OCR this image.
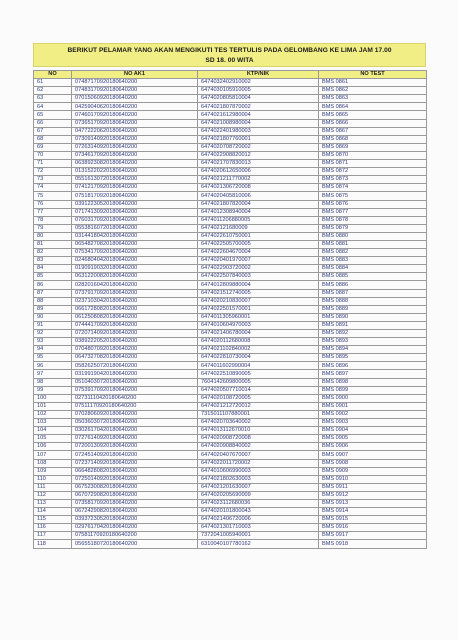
BERIKUT PELAMAR YANG AKAN MENGIKUTI TES TERTULIS PADA GELOMBANG KE LIMA JAM 17.00
SD 18. 00 WITA
NO	NO AK1	KTP/NIK	NO TEST
61	07487170920180640200	6474032402910002	BMS 0861
62	07483170920180640200	6474030105910005	BMS 0862
63	07015060920180640200	6474020805810004	BMS 0863
64	04259040620180640200	6474021807870002	BMS 0864
65	07460170920180640200	6474021612980004	BMS 0865
66	07365170920180640200	6474021008980004	BMS 0866
67	04772220620180640200	6474022401980003	BMS 0867
68	07309140920180640200	6474021807760001	BMS 0868
69	07263140920180640200	6474020708720002	BMS 0869
70	07346170920180640200	6474022908820012	BMS 0870
71	06389230820180640200	6474021707830013	BMS 0871
72	01315220220180640200	6474020612650006	BMS 0872
73	05516130720180640200	6474021211770002	BMS 0873
74	07412170920180640200	6474021306720008	BMS 0874
75	07518170920180640200	6474020405810006	BMS 0875
76	03912230520180640200	6474021807820004	BMS 0876
77	07174130920180640200	6474012308940004	BMS 0877
78	07603170920180640200	6474011206880005	BMS 0878
79	05538160720180640200	647402121680009	BMS 0879
80	03144180420180640200	6474022610750001	BMS 0880
81	06548270820180640200	6474022505700005	BMS 0881
82	07534170920180640200	6474022604670004	BMS 0882
83	02468040420180640200	6474020401970007	BMS 0883
84	01909190320180640200	6474022903720002	BMS 0884
85	06312200820180640200	6474022507840003	BMS 0885
86	02820160420180640200	6474012809880004	BMS 0886
87	07379170920180640200	6474021512740005	BMS 0887
88	02371030420180640200	6474020210830007	BMS 0888
89	06617280820180640200	6474022501570001	BMS 0889
90	06125080820180640200	6474011305960001	BMS 0890
91	07444170920180640200	6474010604970003	BMS 0891
92	07207140920180640200	6474021406780004	BMS 0892
93	03892220520180640200	6474020112680008	BMS 0893
94	07048070920180640200	6474021102840002	BMS 0894
95	06473270820180640200	6474022810730004	BMS 0895
96	05826250720180640200	6474011602990004	BMS 0896
97	03199190420180640200	6474022510890005	BMS 0897
98	05104030720180640200	7604142609800005	BMS 0898
99	07539170920180640200	6474020507710014	BMS 0899
100	02731110420180640200	6474020108720005	BMS 0900
101	07511170920180640200	6474021212720012	BMS 0901
102	07028060920180640200	7315011107880001	BMS 0902
103	05036030720180640200	6474020703640002	BMS 0903
104	03026170420180640200	6474013112670010	BMS 0904
105	07276140920180640200	6474020908720008	BMS 0905
106	07200130920180640200	6474020908840002	BMS 0906
107	07245140920180640200	6474020407670007	BMS 0907
108	07237140920180640200	6474022011720002	BMS 0908
109	06648280820180640200	6474010606990003	BMS 0909
110	07250140920180640200	6474021802630003	BMS 0910
111	06752300820180640200	6474021201630007	BMS 0911
112	06707290820180640200	6474020205690009	BMS 0912
113	07358170920180640200	6474023112680036	BMS 0913
114	06724290820180640200	6474020101800043	BMS 0914
115	03937230520180640200	6474021406720006	BMS 0915
116	02976170420180640200	6474021301710003	BMS 0916
117	07581170920180640200	7372041005940001	BMS 0917
118	05655180720180640200	6310040107780162	BMS 0918
